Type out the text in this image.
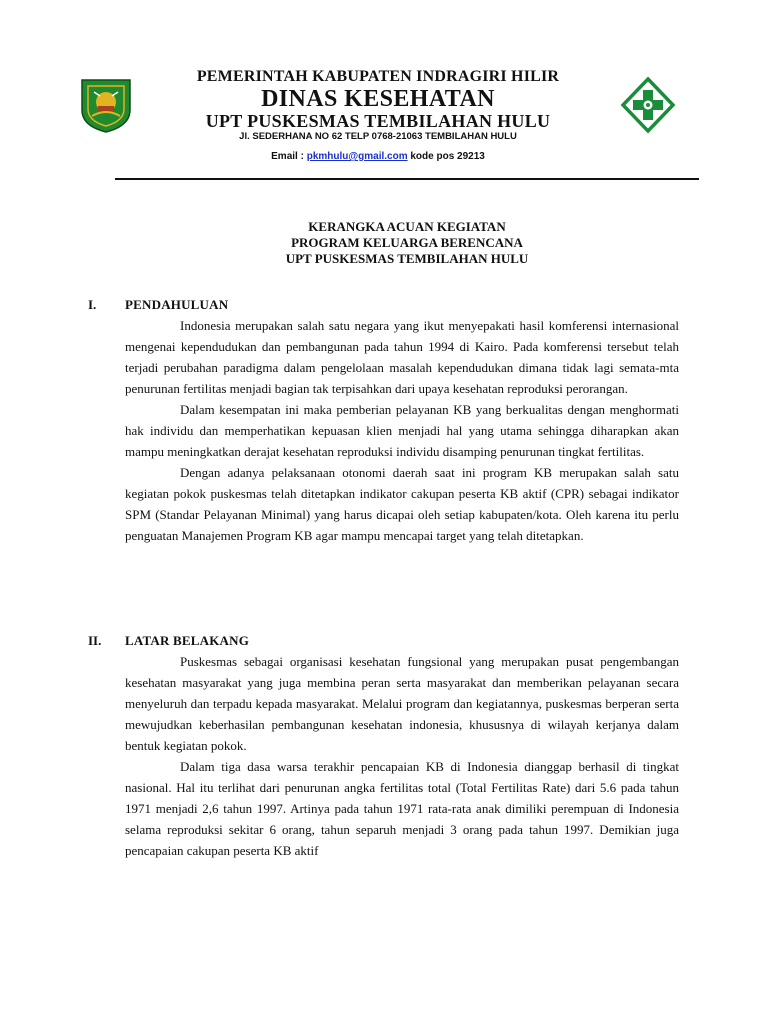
PEMERINTAH KABUPATEN INDRAGIRI HILIR
DINAS KESEHATAN
UPT PUSKESMAS TEMBILAHAN HULU
Jl. SEDERHANA NO 62 TELP 0768-21063 TEMBILAHAN HULU
Email : pkmhulu@gmail.com kode pos 29213
KERANGKA ACUAN KEGIATAN
PROGRAM KELUARGA BERENCANA
UPT PUSKESMAS TEMBILAHAN HULU
I. PENDAHULUAN

Indonesia merupakan salah satu negara yang ikut menyepakati hasil komferensi internasional mengenai kependudukan dan pembangunan pada tahun 1994 di Kairo. Pada komferensi tersebut telah terjadi perubahan paradigma dalam pengelolaan masalah kependudukan dimana tidak lagi semata-mta penurunan fertilitas menjadi bagian tak terpisahkan dari upaya kesehatan reproduksi perorangan.

Dalam kesempatan ini maka pemberian pelayanan KB yang berkualitas dengan menghormati hak individu dan memperhatikan kepuasan klien menjadi hal yang utama sehingga diharapkan akan mampu meningkatkan derajat kesehatan reproduksi individu disamping penurunan tingkat fertilitas.

Dengan adanya pelaksanaan otonomi daerah saat ini program KB merupakan salah satu kegiatan pokok puskesmas telah ditetapkan indikator cakupan peserta KB aktif (CPR) sebagai indikator SPM (Standar Pelayanan Minimal) yang harus dicapai oleh setiap kabupaten/kota. Oleh karena itu perlu penguatan Manajemen Program KB agar mampu mencapai target yang telah ditetapkan.

II. LATAR BELAKANG

Puskesmas sebagai organisasi kesehatan fungsional yang merupakan pusat pengembangan kesehatan masyarakat yang juga membina peran serta masyarakat dan memberikan pelayanan secara menyeluruh dan terpadu kepada masyarakat. Melalui program dan kegiatannya, puskesmas berperan serta mewujudkan keberhasilan pembangunan kesehatan indonesia, khususnya di wilayah kerjanya dalam bentuk kegiatan pokok.

Dalam tiga dasa warsa terakhir pencapaian KB di Indonesia dianggap berhasil di tingkat nasional. Hal itu terlihat dari penurunan angka fertilitas total (Total Fertilitas Rate) dari 5.6 pada tahun 1971 menjadi 2,6 tahun 1997. Artinya pada tahun 1971 rata-rata anak dimiliki perempuan di Indonesia selama reproduksi sekitar 6 orang, tahun separuh menjadi 3 orang pada tahun 1997. Demikian juga pencapaian cakupan peserta KB aktif
